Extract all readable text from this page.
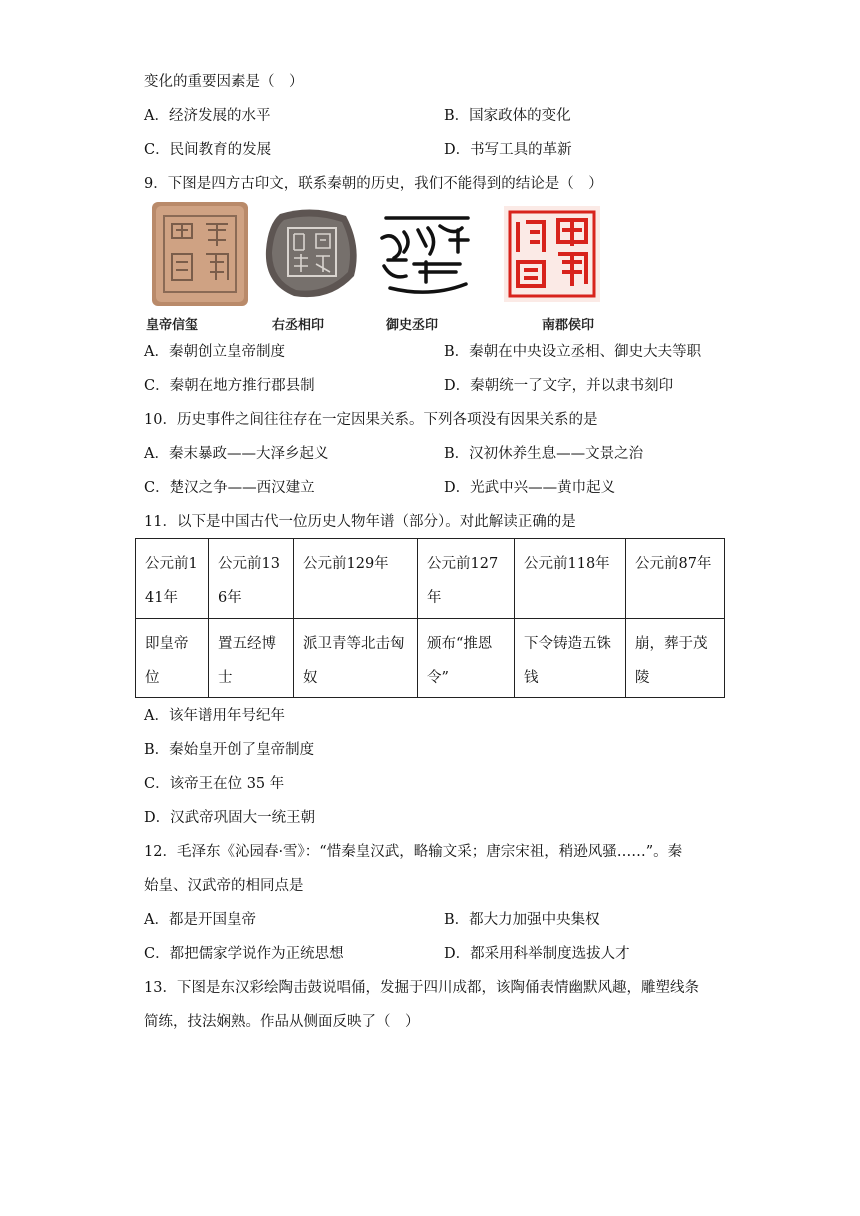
变化的重要因素是（　）
A．经济发展的水平	B．国家政体的变化
C．民间教育的发展	D．书写工具的革新
9．下图是四方古印文，联系秦朝的历史，我们不能得到的结论是（　）
皇帝信玺	右丞相印	御史丞印	南郡侯印
A．秦朝创立皇帝制度	B．秦朝在中央设立丞相、御史大夫等职
C．秦朝在地方推行郡县制	D．秦朝统一了文字，并以隶书刻印
10．历史事件之间往往存在一定因果关系。下列各项没有因果关系的是
A．秦末暴政——大泽乡起义	B．汉初休养生息——文景之治
C．楚汉之争——西汉建立	D．光武中兴——黄巾起义
11．以下是中国古代一位历史人物年谱（部分）。对此解读正确的是
公元前141年	公元前136年	公元前129年	公元前127年	公元前118年	公元前87年
即皇帝位	置五经博士	派卫青等北击匈奴	颁布“推恩令”	下令铸造五铢钱	崩，葬于茂陵
A．该年谱用年号纪年
B．秦始皇开创了皇帝制度
C．该帝王在位 35 年
D．汉武帝巩固大一统王朝
12．毛泽东《沁园春·雪》：“惜秦皇汉武，略输文采；唐宗宋祖，稍逊风骚……”。秦
始皇、汉武帝的相同点是
A．都是开国皇帝	B．都大力加强中央集权
C．都把儒家学说作为正统思想	D．都采用科举制度选拔人才
13．下图是东汉彩绘陶击鼓说唱俑，发掘于四川成都，该陶俑表情幽默风趣，雕塑线条
简练，技法娴熟。作品从侧面反映了（　）
